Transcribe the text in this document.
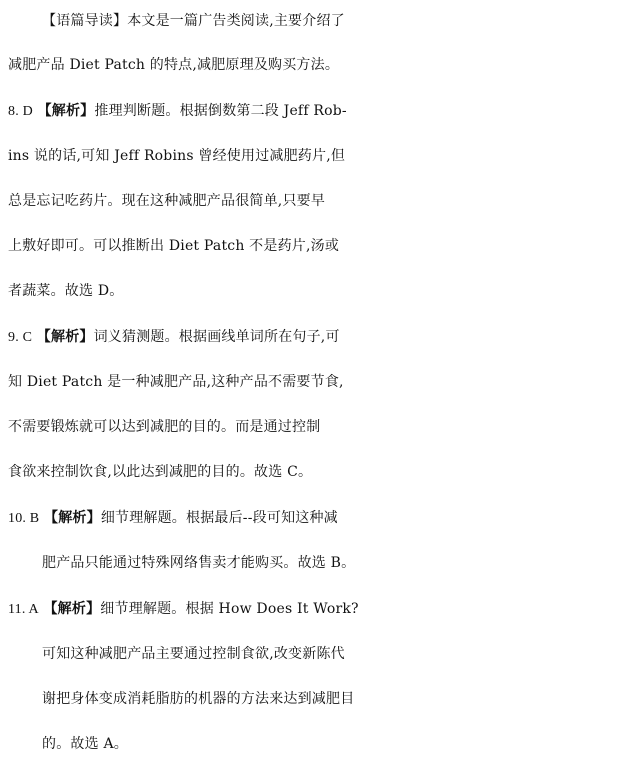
【语篇导读】本文是一篇广告类阅读,主要介绍了
减肥产品 Diet Patch 的特点,减肥原理及购买方法。
8. D 【解析】推理判断题。根据倒数第二段 Jeff Rob-
ins 说的话,可知 Jeff Robins 曾经使用过减肥药片,但
总是忘记吃药片。现在这种减肥产品很简单,只要早
上敷好即可。可以推断出 Diet Patch 不是药片,汤或
者蔬菜。故选 D。
9. C 【解析】词义猜测题。根据画线单词所在句子,可
知 Diet Patch 是一种减肥产品,这种产品不需要节食,
不需要锻炼就可以达到减肥的目的。而是通过控制
食欲来控制饮食,以此达到减肥的目的。故选 C。
10. B 【解析】细节理解题。根据最后--段可知这种减
肥产品只能通过特殊网络售卖才能购买。故选 B。
11. A 【解析】细节理解题。根据 How Does It Work?
可知这种减肥产品主要通过控制食欲,改变新陈代
谢把身体变成消耗脂肪的机器的方法来达到减肥目
的。故选 A。
